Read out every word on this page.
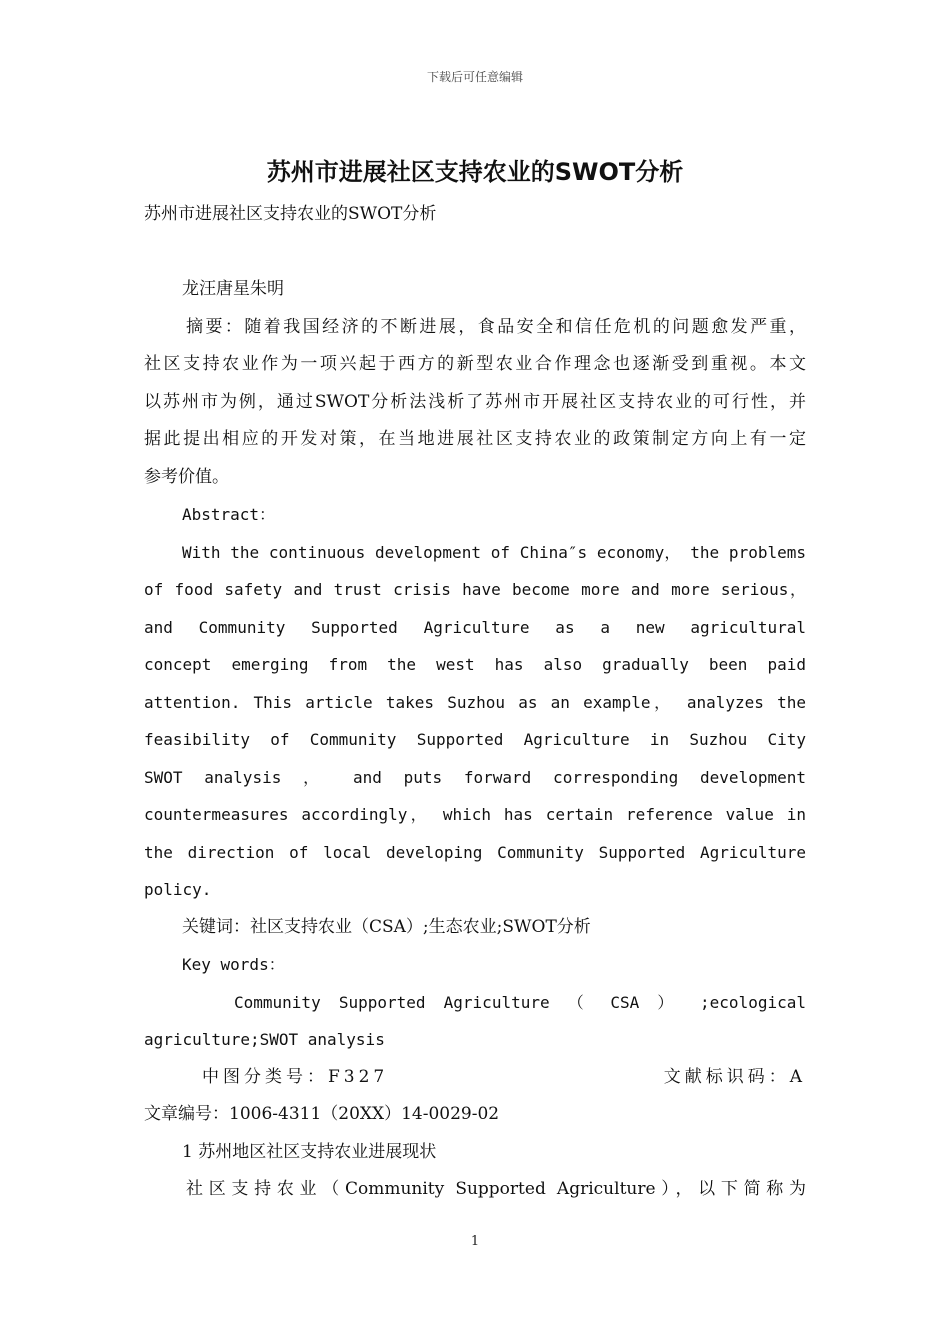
下载后可任意编辑
苏州市进展社区支持农业的SWOT分析
苏州市进展社区支持农业的SWOT分析
龙汪唐星朱明
摘要：随着我国经济的不断进展，食品安全和信任危机的问题愈发严重，
社区支持农业作为一项兴起于西方的新型农业合作理念也逐渐受到重视。本文
以苏州市为例，通过SWOT分析法浅析了苏州市开展社区支持农业的可行性，并
据此提出相应的开发对策，在当地进展社区支持农业的政策制定方向上有一定
参考价值。
Abstract：
With the continuous development of China″s economy， the problems
of food safety and trust crisis have become more and more serious，
and Community Supported Agriculture as a new agricultural
concept emerging from the west has also gradually been paid
attention. This article takes Suzhou as an example， analyzes the
feasibility of Community Supported Agriculture in Suzhou City
SWOT analysis ， and puts forward corresponding development
countermeasures accordingly， which has certain reference value in
the direction of local developing Community Supported Agriculture
policy.
关键词：社区支持农业（CSA）;生态农业;SWOT分析
Key words：
Community Supported Agriculture （ CSA ） ;ecological
agriculture;SWOT analysis
中图分类号：F327	文献标识码：A
文章编号：1006-4311（20XX）14-0029-02
1 苏州地区社区支持农业进展现状
社区支持农业（Community Supported Agriculture），以下简称为
1
